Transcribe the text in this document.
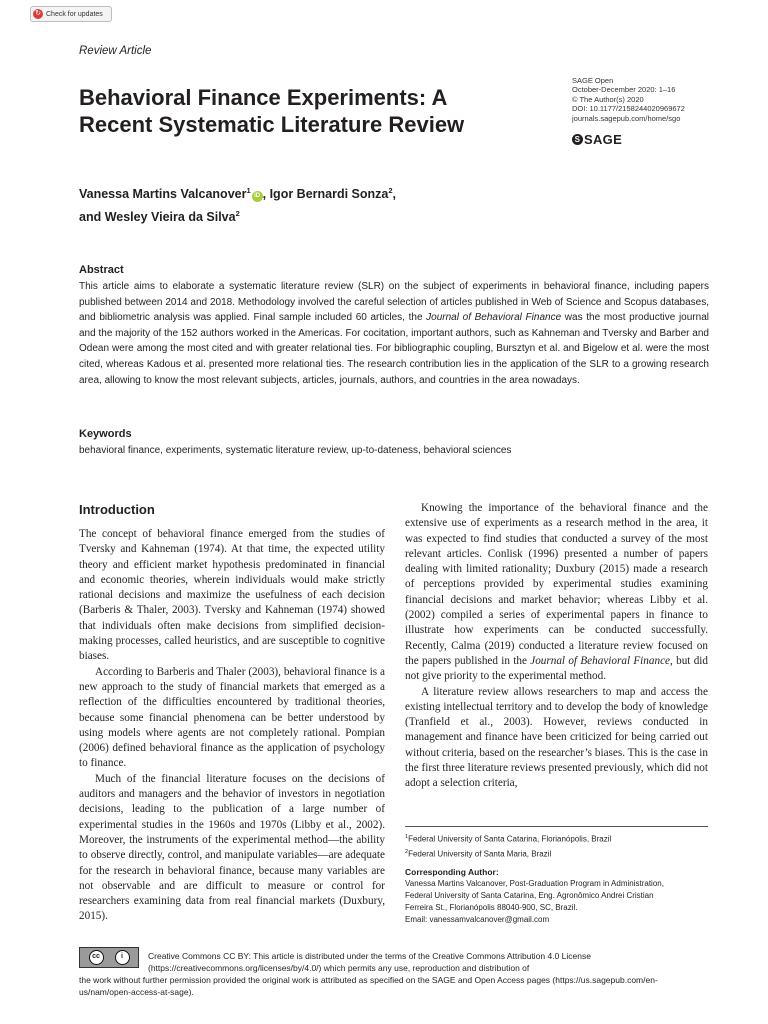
↻ Check for updates
Review Article
Behavioral Finance Experiments: A Recent Systematic Literature Review
SAGE Open
October-December 2020: 1–16
© The Author(s) 2020
DOI: 10.1177/2158244020969672
journals.sagepub.com/home/sgo
S SAGE
Vanessa Martins Valcanover$^1$iD , Igor Bernardi Sonza$^2$,
and Wesley Vieira da Silva$^2$
Abstract
This article aims to elaborate a systematic literature review (SLR) on the subject of experiments in behavioral finance, including papers published between 2014 and 2018. Methodology involved the careful selection of articles published in Web of Science and Scopus databases, and bibliometric analysis was applied. Final sample included 60 articles, the Journal of Behavioral Finance was the most productive journal and the majority of the 152 authors worked in the Americas. For cocitation, important authors, such as Kahneman and Tversky and Barber and Odean were among the most cited and with greater relational ties. For bibliographic coupling, Bursztyn et al. and Bigelow et al. were the most cited, whereas Kadous et al. presented more relational ties. The research contribution lies in the application of the SLR to a growing research area, allowing to know the most relevant subjects, articles, journals, authors, and countries in the area nowadays.
Keywords
behavioral finance, experiments, systematic literature review, up-to-dateness, behavioral sciences
Introduction

The concept of behavioral finance emerged from the studies of Tversky and Kahneman (1974). At that time, the expected utility theory and efficient market hypothesis predominated in financial and economic theories, wherein individuals would make strictly rational decisions and maximize the usefulness of each decision (Barberis & Thaler, 2003). Tversky and Kahneman (1974) showed that individuals often make decisions from simplified decision-making processes, called heuristics, and are susceptible to cognitive biases.

According to Barberis and Thaler (2003), behavioral finance is a new approach to the study of financial markets that emerged as a reflection of the difficulties encountered by traditional theories, because some financial phenomena can be better understood by using models where agents are not completely rational. Pompian (2006) defined behavioral finance as the application of psychology to finance.

Much of the financial literature focuses on the decisions of auditors and managers and the behavior of investors in negotiation decisions, leading to the publication of a large number of experimental studies in the 1960s and 1970s (Libby et al., 2002). Moreover, the instruments of the experimental method—the ability to observe directly, control, and manipulate variables—are adequate for the research in behavioral finance, because many variables are not observable and are difficult to measure or control for researchers examining data from real financial markets (Duxbury, 2015).

Knowing the importance of the behavioral finance and the extensive use of experiments as a research method in the area, it was expected to find studies that conducted a survey of the most relevant articles. Conlisk (1996) presented a number of papers dealing with limited rationality; Duxbury (2015) made a research of perceptions provided by experimental studies examining financial decisions and market behavior; whereas Libby et al. (2002) compiled a series of experimental papers in finance to illustrate how experiments can be conducted successfully. Recently, Calma (2019) conducted a literature review focused on the papers published in the Journal of Behavioral Finance, but did not give priority to the experimental method.

A literature review allows researchers to map and access the existing intellectual territory and to develop the body of knowledge (Tranfield et al., 2003). However, reviews conducted in management and finance have been criticized for being carried out without criteria, based on the researcher’s biases. This is the case in the first three literature reviews presented previously, which did not adopt a selection criteria,

$^1$Federal University of Santa Catarina, Florianópolis, Brazil
$^2$Federal University of Santa Maria, Brazil
Corresponding Author:
Vanessa Martins Valcanover, Post-Graduation Program in Administration,
Federal University of Santa Catarina, Eng. Agronômico Andrei Cristian
Ferreira St., Florianópolis 88040-900, SC, Brazil.
Email: vanessamvalcanover@gmail.com
cc	i	Creative Commons CC BY: This article is distributed under the terms of the Creative Commons Attribution 4.0 License (https://creativecommons.org/licenses/by/4.0/) which permits any use, reproduction and distribution of
the work without further permission provided the original work is attributed as specified on the SAGE and Open Access pages (https://us.sagepub.com/en-us/nam/open-access-at-sage).
